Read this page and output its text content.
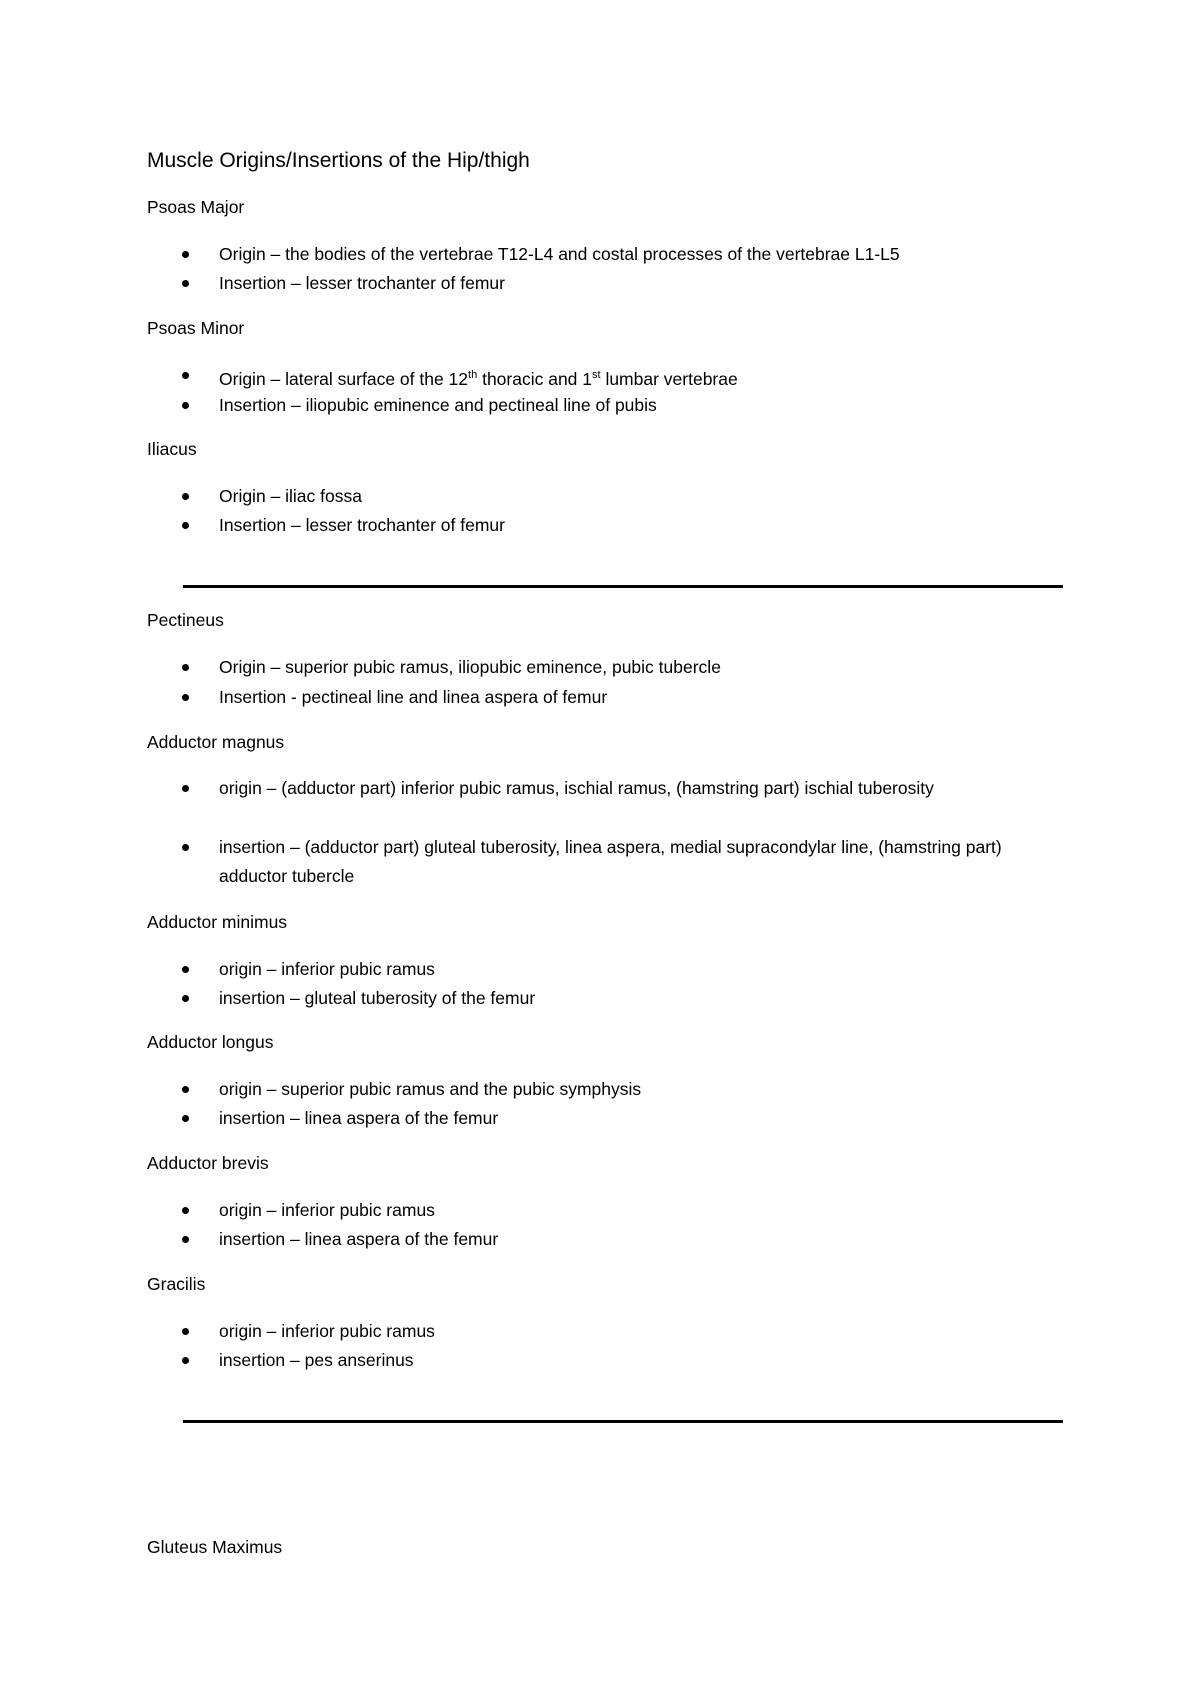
Muscle Origins/Insertions of the Hip/thigh
Psoas Major
Origin – the bodies of the vertebrae T12-L4 and costal processes of the vertebrae L1-L5
Insertion – lesser trochanter of femur
Psoas Minor
Origin – lateral surface of the 12th thoracic and 1st lumbar vertebrae
Insertion – iliopubic eminence and pectineal line of pubis
Iliacus
Origin – iliac fossa
Insertion – lesser trochanter of femur
Pectineus
Origin – superior pubic ramus, iliopubic eminence, pubic tubercle
Insertion - pectineal line and linea aspera of femur
Adductor magnus
origin – (adductor part) inferior pubic ramus, ischial ramus, (hamstring part) ischial tuberosity
insertion – (adductor part) gluteal tuberosity, linea aspera, medial supracondylar line, (hamstring part) adductor tubercle
Adductor minimus
origin – inferior pubic ramus
insertion – gluteal tuberosity of the femur
Adductor longus
origin – superior pubic ramus and the pubic symphysis
insertion – linea aspera of the femur
Adductor brevis
origin – inferior pubic ramus
insertion – linea aspera of the femur
Gracilis
origin – inferior pubic ramus
insertion – pes anserinus
Gluteus Maximus
